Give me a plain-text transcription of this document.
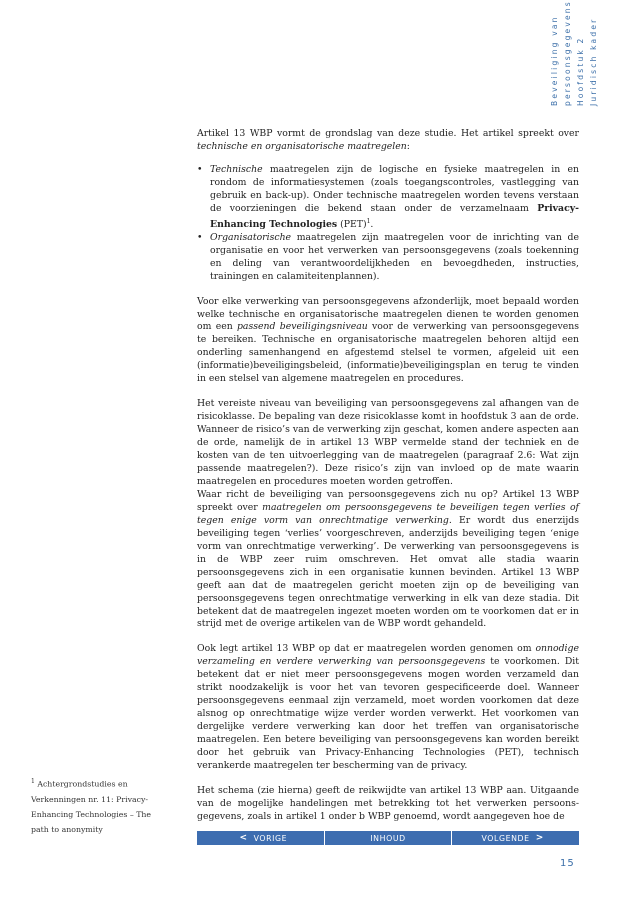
Beveiliging van persoonsgegevens Hoofdstuk 2 Juridisch kader

Artikel 13 WBP vormt de grondslag van deze studie. Het artikel spreekt over technische en organisatorische maatregelen:

• Technische maatregelen zijn de logische en fysieke maatregelen in en rondom de informatiesystemen (zoals toegangscontroles, vastlegging van gebruik en back-up). Onder technische maatregelen worden tevens verstaan de voorzieningen die bekend staan onder de verzamelnaam Privacy-Enhancing Technologies (PET)$^1$.
• Organisatorische maatregelen zijn maatregelen voor de inrichting van de organisatie en voor het verwerken van persoonsgegevens (zoals toekenning en deling van verantwoordelijkheden en bevoegdheden, instructies, trainingen en calamiteitenplannen).

Voor elke verwerking van persoonsgegevens afzonderlijk, moet bepaald worden welke technische en organisatorische maatregelen dienen te worden genomen om een passend beveiligingsniveau voor de verwerking van persoonsgegevens te bereiken. Technische en organisatorische maatregelen behoren altijd een onderling samenhangend en afgestemd stelsel te vormen, afgeleid uit een (informatie)beveiligingsbeleid, (informatie)beveiligingsplan en terug te vinden in een stelsel van algemene maatregelen en procedures.

Het vereiste niveau van beveiliging van persoonsgegevens zal afhangen van de risicoklasse. De bepaling van deze risicoklasse komt in hoofdstuk 3 aan de orde. Wanneer de risico’s van de verwerking zijn geschat, komen andere aspecten aan de orde, namelijk de in artikel 13 WBP vermelde stand der techniek en de kosten van de ten uitvoerlegging van de maatregelen (paragraaf 2.6: Wat zijn passende maatregelen?). Deze risico’s zijn van invloed op de mate waarin maatregelen en procedures moeten worden getroffen.

Waar richt de beveiliging van persoonsgegevens zich nu op? Artikel 13 WBP spreekt over maatregelen om persoonsgegevens te beveiligen tegen verlies of tegen enige vorm van onrechtmatige verwerking. Er wordt dus enerzijds beveiliging tegen ‘verlies’ voorgeschreven, anderzijds beveiliging tegen ‘enige vorm van onrechtmatige verwerking’. De verwerking van persoonsgegevens is in de WBP zeer ruim omschreven. Het omvat alle stadia waarin persoonsgegevens zich in een organisatie kunnen bevinden. Artikel 13 WBP geeft aan dat de maatregelen gericht moeten zijn op de beveiliging van persoonsgegevens tegen onrechtmatige verwerking in elk van deze stadia. Dit betekent dat de maatregelen ingezet moeten worden om te voorkomen dat er in strijd met de overige artikelen van de WBP wordt gehandeld.

Ook legt artikel 13 WBP op dat er maatregelen worden genomen om onnodige verzameling en verdere verwerking van persoonsgegevens te voorkomen. Dit betekent dat er niet meer persoonsgegevens mogen worden verzameld dan strikt noodzakelijk is voor het van tevoren gespecificeerde doel. Wanneer persoonsgegevens eenmaal zijn verzameld, moet worden voorkomen dat deze alsnog op onrechtmatige wijze verder worden verwerkt. Het voorkomen van dergelijke verdere verwerking kan door het treffen van organisatorische maatregelen. Een betere beveiliging van persoonsgegevens kan worden bereikt door het gebruik van Privacy-Enhancing Technologies (PET), technisch verankerde maatregelen ter bescherming van de privacy.

Het schema (zie hierna) geeft de reikwijdte van artikel 13 WBP aan. Uitgaande van de mogelijke handelingen met betrekking tot het verwerken persoons-gegevens, zoals in artikel 1 onder b WBP genoemd, wordt aangegeven hoe de

$^1$ Achtergrondstudies en Verkenningen nr. 11: Privacy-Enhancing Technologies – The path to anonymity
< VORIGE	INHOUD	VOLGENDE >
15
